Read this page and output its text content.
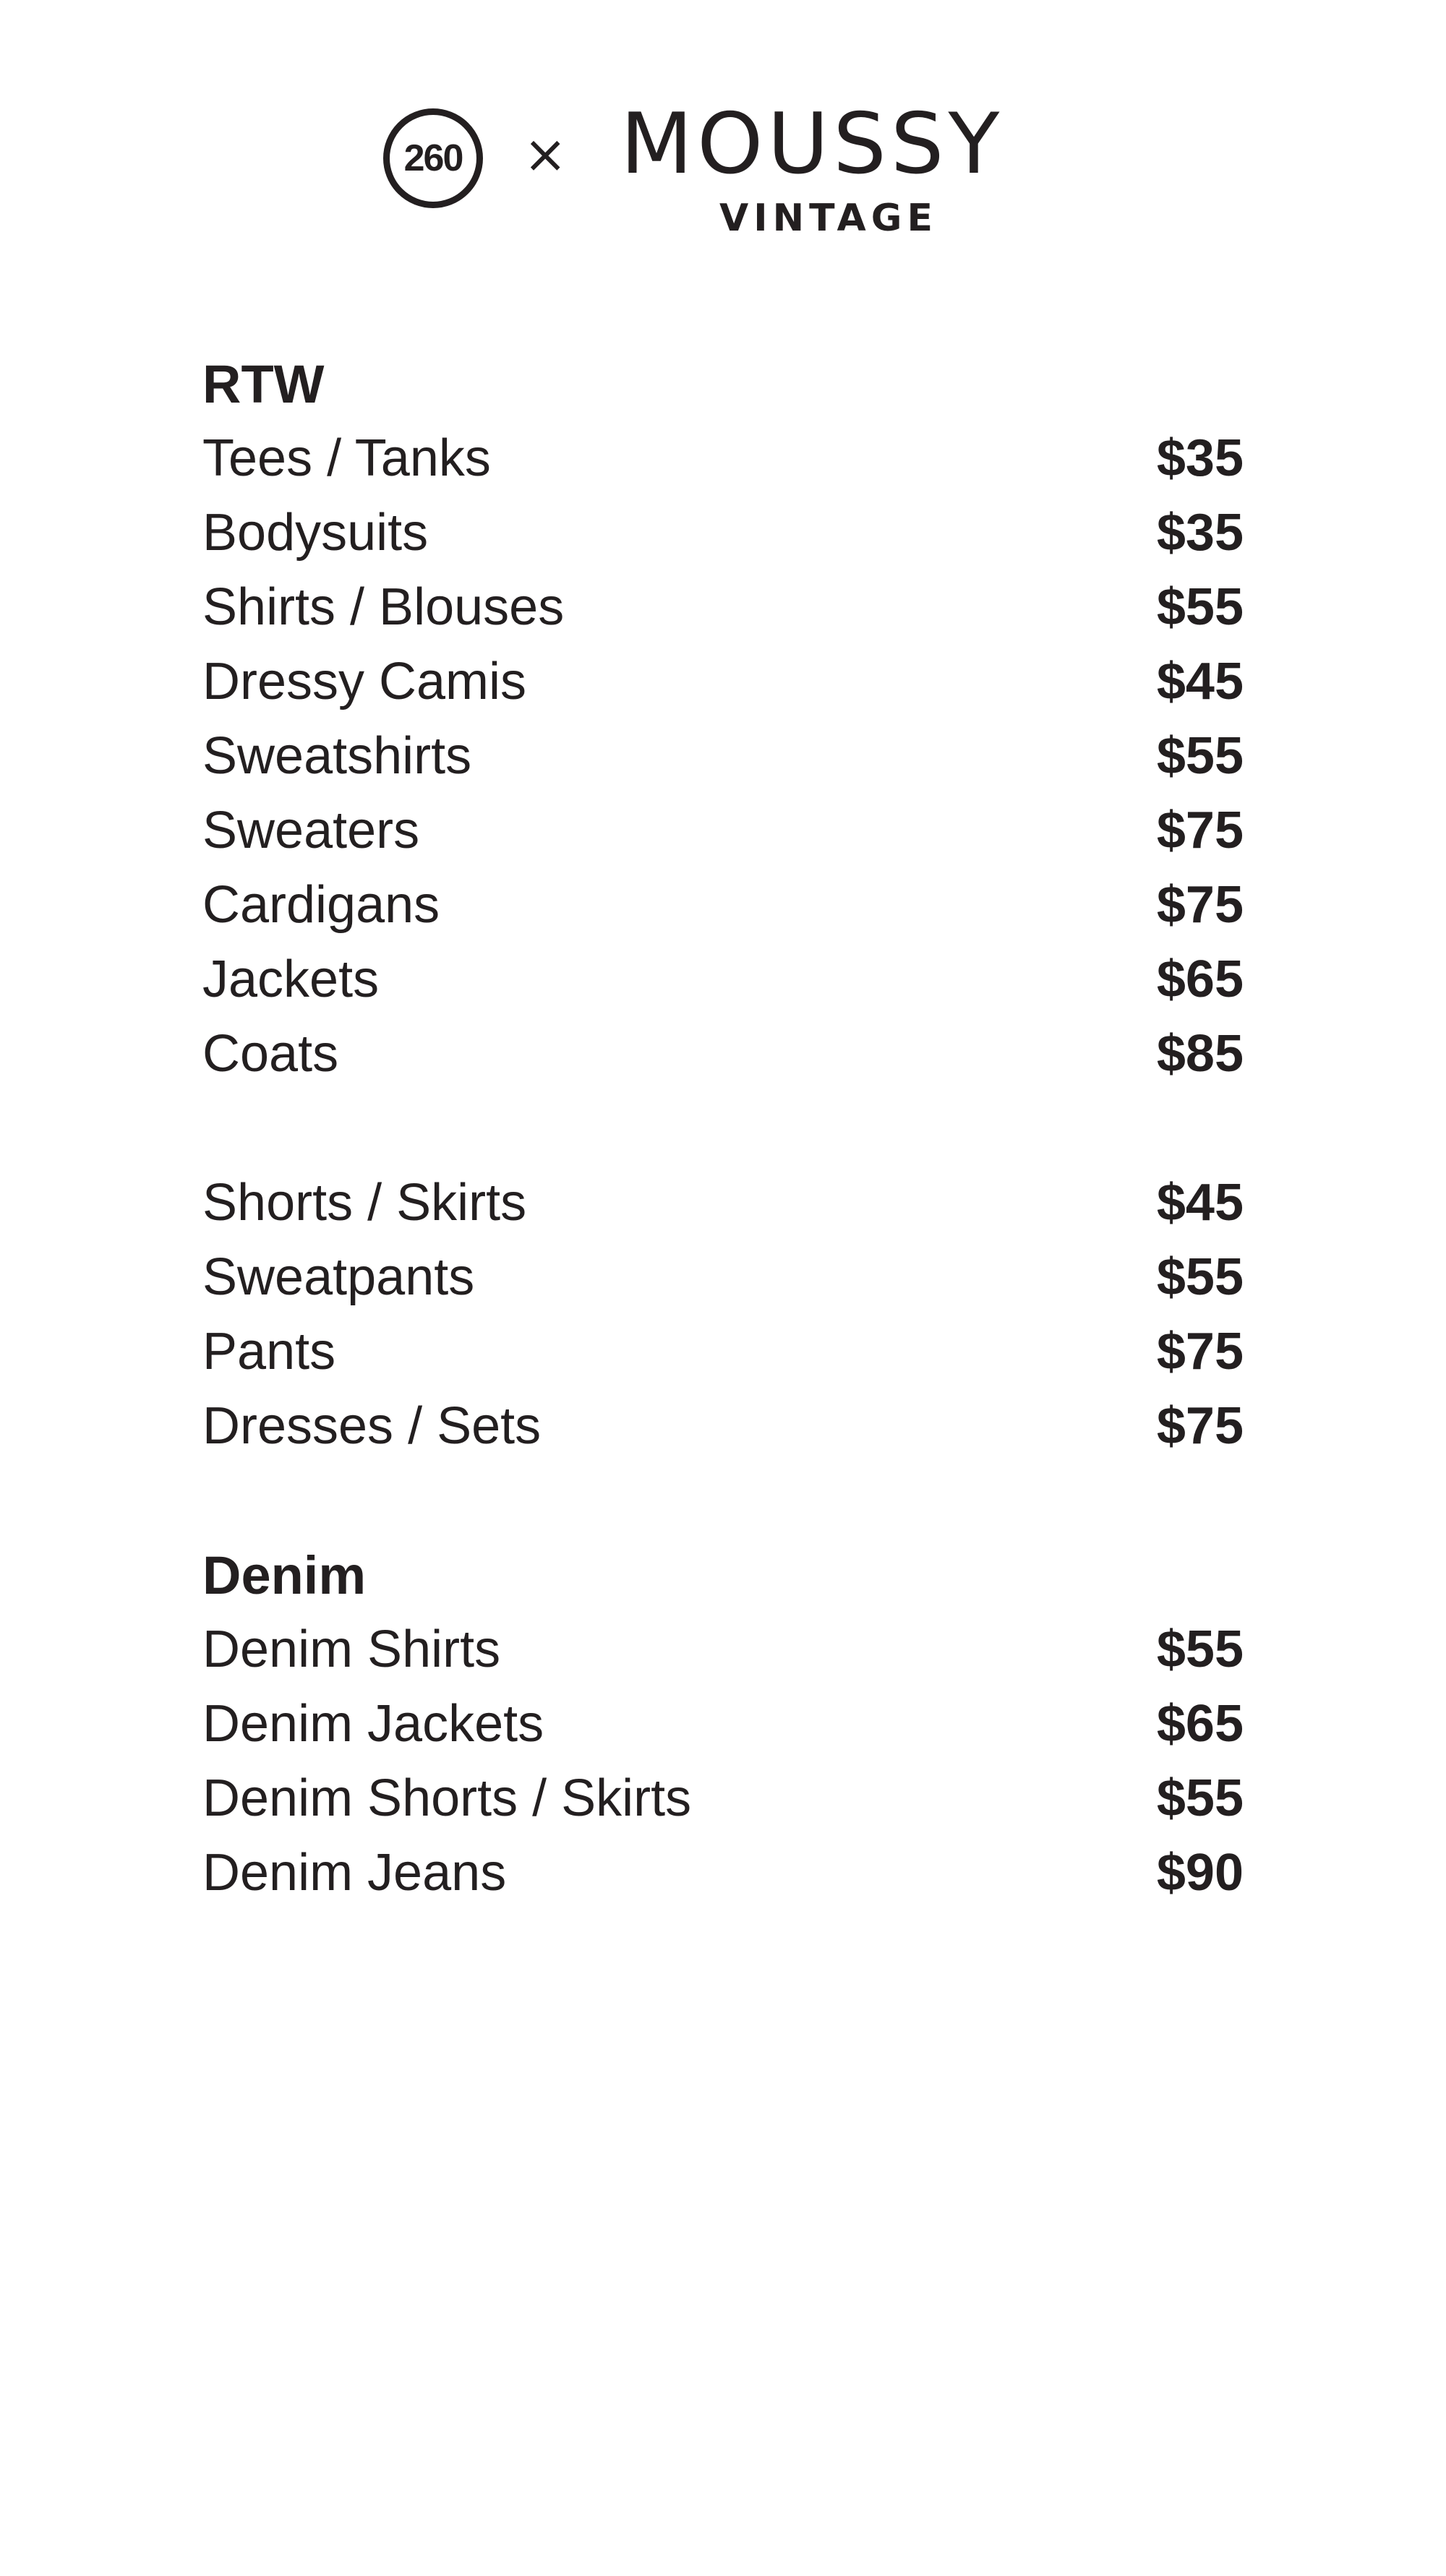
260	× MOUSSY
VINTAGE
RTW
Tees / Tanks	$35
Bodysuits	$35
Shirts / Blouses	$55
Dressy Camis	$45
Sweatshirts	$55
Sweaters	$75
Cardigans	$75
Jackets	$65
Coats	$85
Shorts / Skirts	$45
Sweatpants	$55
Pants	$75
Dresses / Sets	$75
Denim
Denim Shirts	$55
Denim Jackets	$65
Denim Shorts / Skirts	$55
Denim Jeans	$90
